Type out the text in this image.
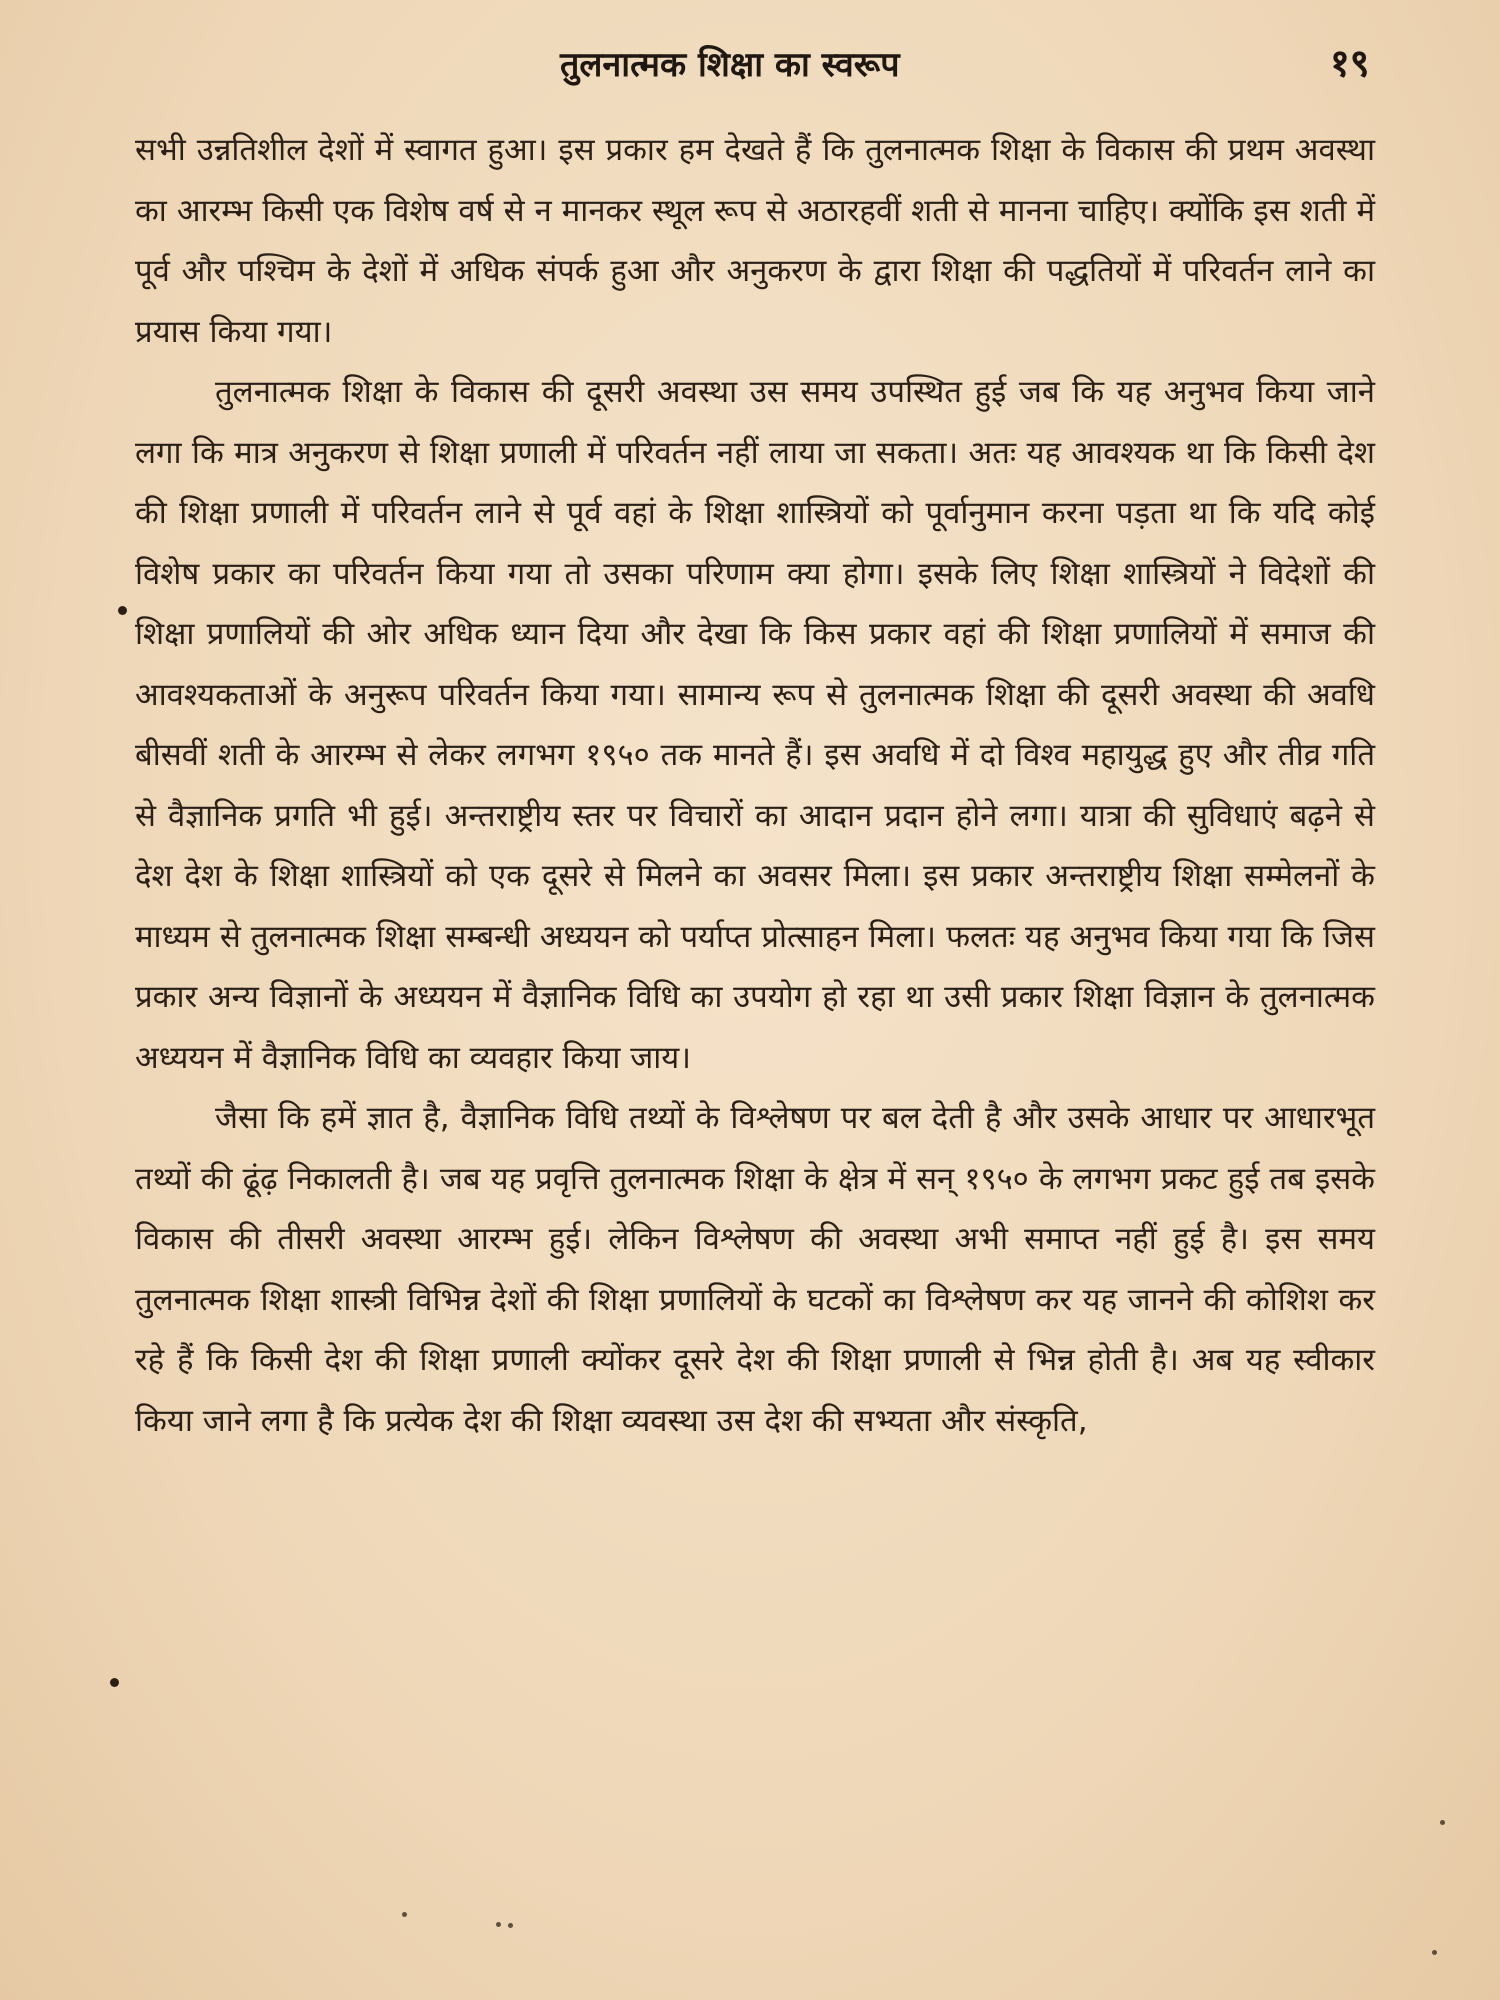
तुलनात्मक शिक्षा का स्वरूप	१९

सभी उन्नतिशील देशों में स्वागत हुआ। इस प्रकार हम देखते हैं कि तुलनात्मक शिक्षा के विकास की प्रथम अवस्था का आरम्भ किसी एक विशेष वर्ष से न मानकर स्थूल रूप से अठारहवीं शती से मानना चाहिए। क्योंकि इस शती में पूर्व और पश्चिम के देशों में अधिक संपर्क हुआ और अनुकरण के द्वारा शिक्षा की पद्धतियों में परिवर्तन लाने का प्रयास किया गया।

तुलनात्मक शिक्षा के विकास की दूसरी अवस्था उस समय उपस्थित हुई जब कि यह अनुभव किया जाने लगा कि मात्र अनुकरण से शिक्षा प्रणाली में परिवर्तन नहीं लाया जा सकता। अतः यह आवश्यक था कि किसी देश की शिक्षा प्रणाली में परिवर्तन लाने से पूर्व वहां के शिक्षा शास्त्रियों को पूर्वानुमान करना पड़ता था कि यदि कोई विशेष प्रकार का परिवर्तन किया गया तो उसका परिणाम क्या होगा। इसके लिए शिक्षा शास्त्रियों ने विदेशों की शिक्षा प्रणालियों की ओर अधिक ध्यान दिया और देखा कि किस प्रकार वहां की शिक्षा प्रणालियों में समाज की आवश्यकताओं के अनुरूप परिवर्तन किया गया। सामान्य रूप से तुलनात्मक शिक्षा की दूसरी अवस्था की अवधि बीसवीं शती के आरम्भ से लेकर लगभग १९५० तक मानते हैं। इस अवधि में दो विश्व महायुद्ध हुए और तीव्र गति से वैज्ञानिक प्रगति भी हुई। अन्तराष्ट्रीय स्तर पर विचारों का आदान प्रदान होने लगा। यात्रा की सुविधाएं बढ़ने से देश देश के शिक्षा शास्त्रियों को एक दूसरे से मिलने का अवसर मिला। इस प्रकार अन्तराष्ट्रीय शिक्षा सम्मेलनों के माध्यम से तुलनात्मक शिक्षा सम्बन्धी अध्ययन को पर्याप्त प्रोत्साहन मिला। फलतः यह अनुभव किया गया कि जिस प्रकार अन्य विज्ञानों के अध्ययन में वैज्ञानिक विधि का उपयोग हो रहा था उसी प्रकार शिक्षा विज्ञान के तुलनात्मक अध्ययन में वैज्ञानिक विधि का व्यवहार किया जाय।

जैसा कि हमें ज्ञात है, वैज्ञानिक विधि तथ्यों के विश्लेषण पर बल देती है और उसके आधार पर आधारभूत तथ्यों की ढूंढ़ निकालती है। जब यह प्रवृत्ति तुलनात्मक शिक्षा के क्षेत्र में सन् १९५० के लगभग प्रकट हुई तब इसके विकास की तीसरी अवस्था आरम्भ हुई। लेकिन विश्लेषण की अवस्था अभी समाप्त नहीं हुई है। इस समय तुलनात्मक शिक्षा शास्त्री विभिन्न देशों की शिक्षा प्रणालियों के घटकों का विश्लेषण कर यह जानने की कोशिश कर रहे हैं कि किसी देश की शिक्षा प्रणाली क्योंकर दूसरे देश की शिक्षा प्रणाली से भिन्न होती है। अब यह स्वीकार किया जाने लगा है कि प्रत्येक देश की शिक्षा व्यवस्था उस देश की सभ्यता और संस्कृति,
